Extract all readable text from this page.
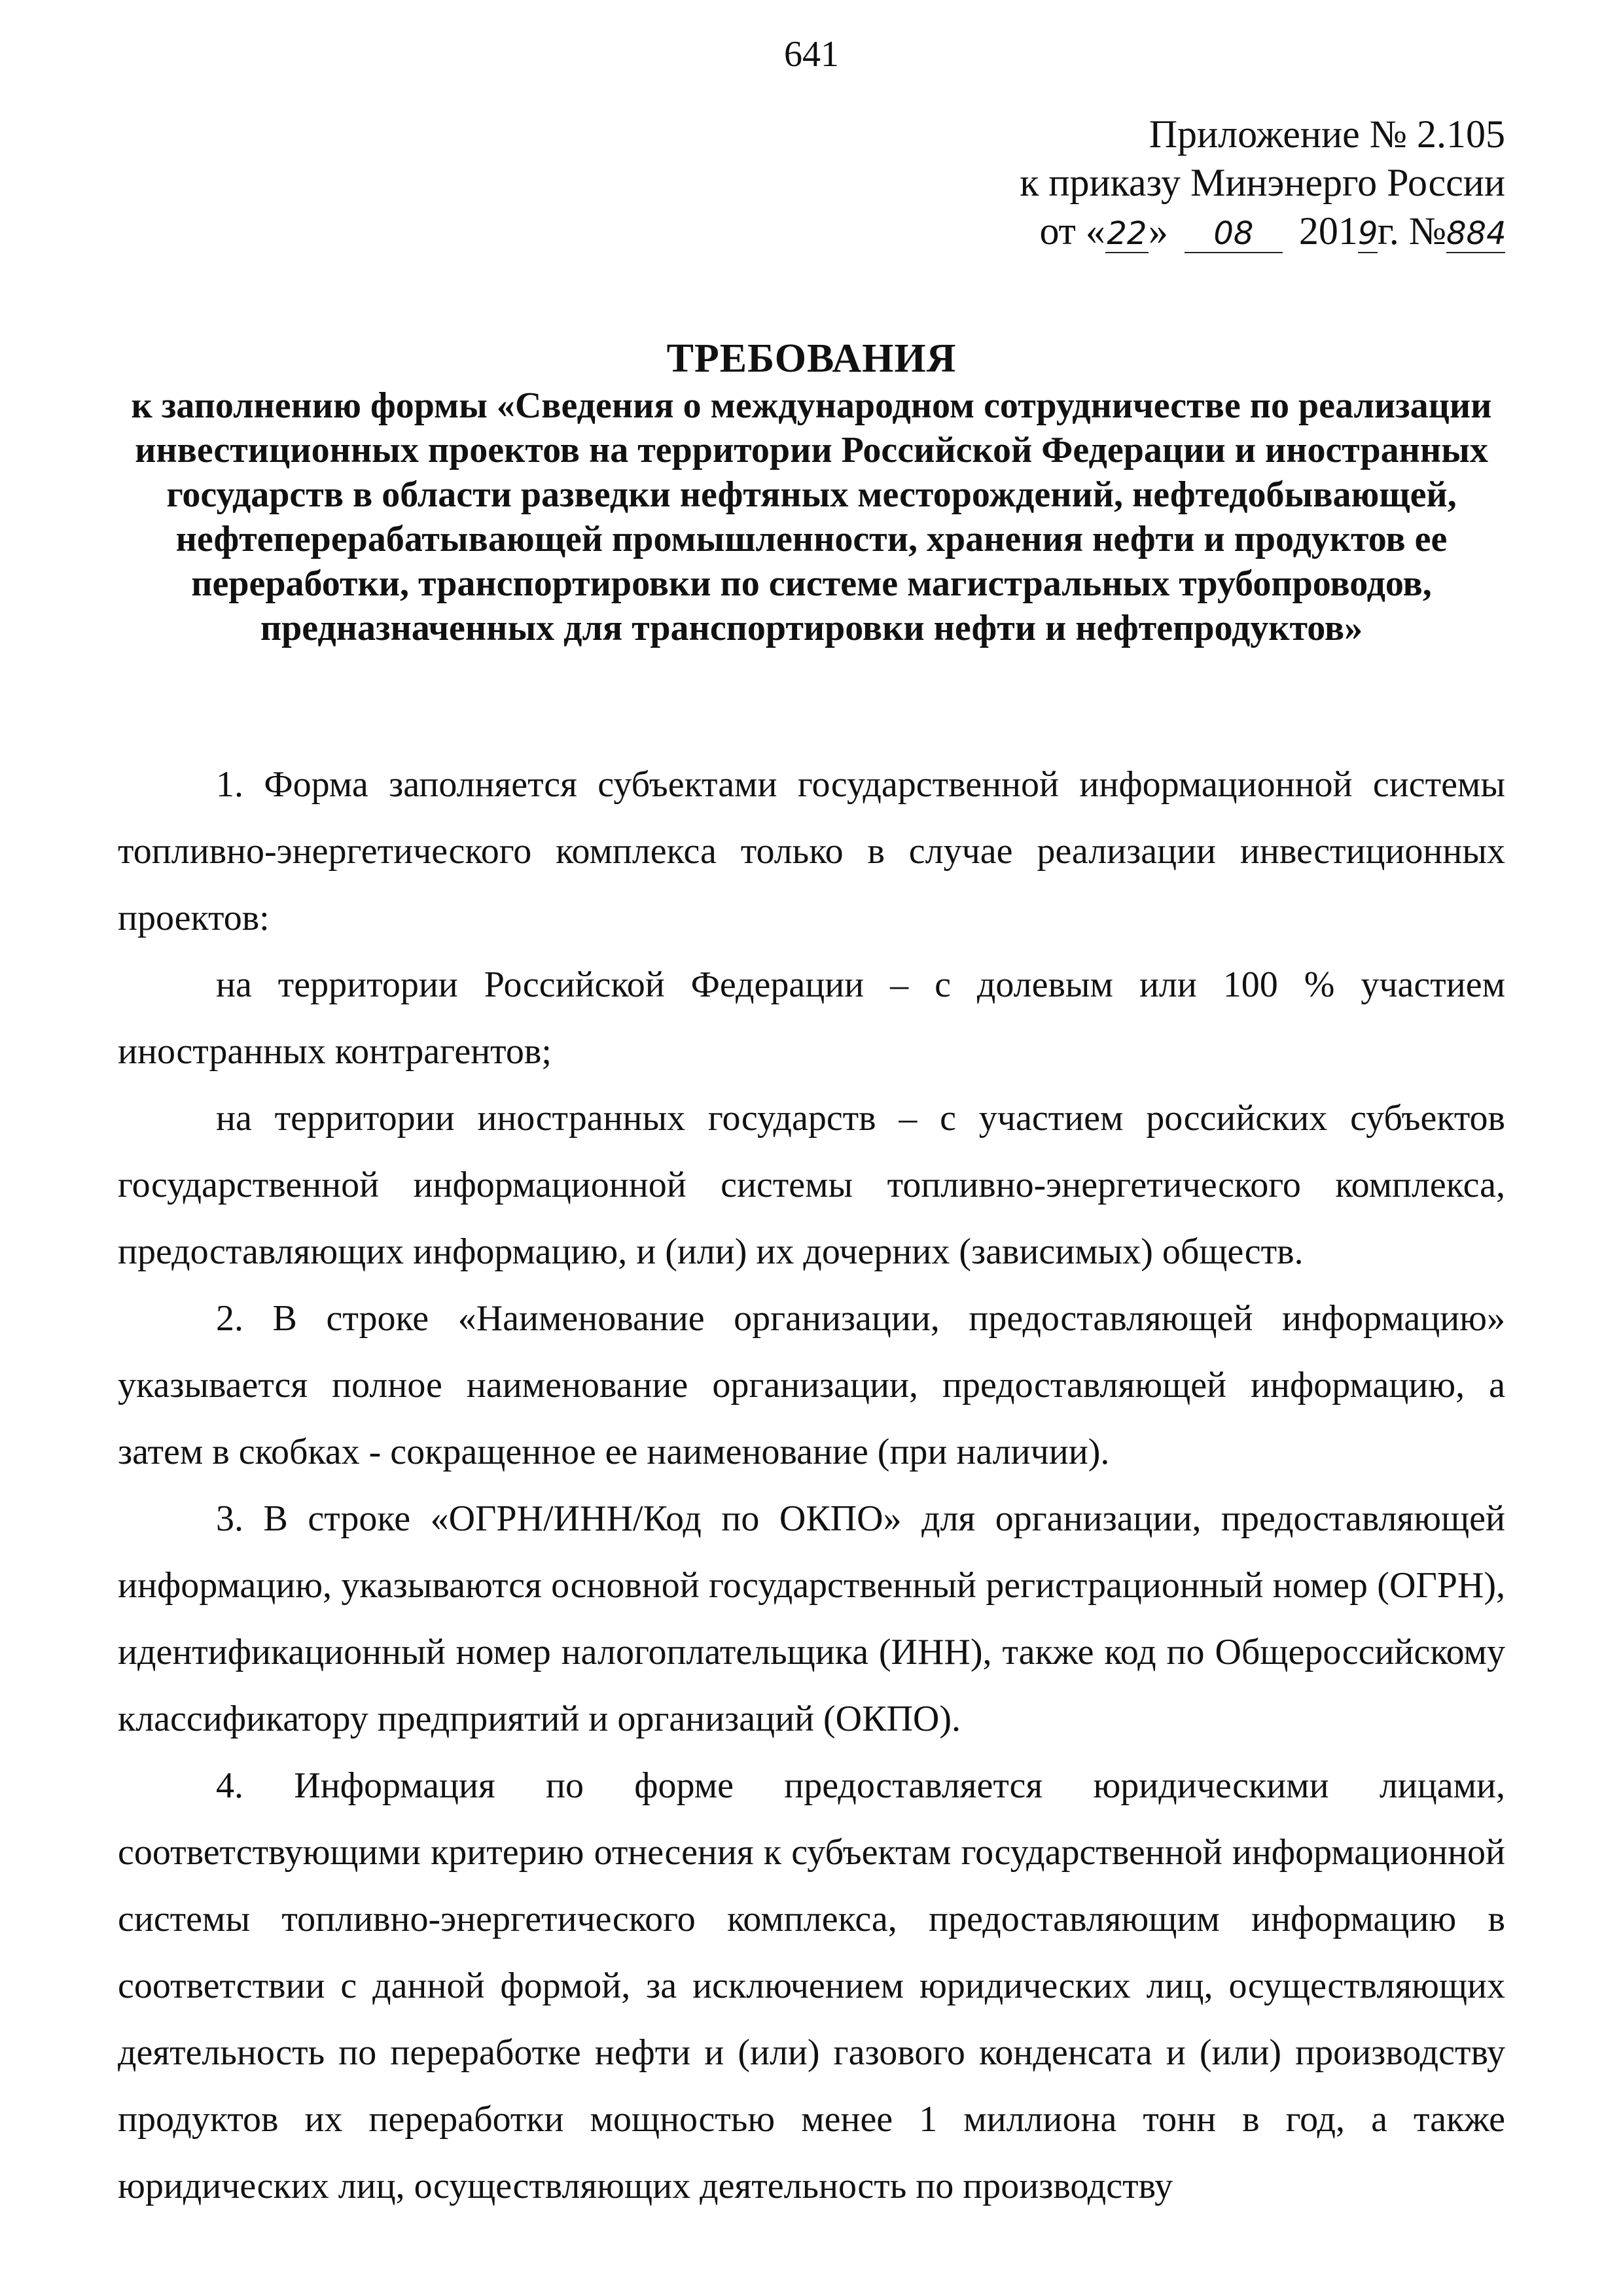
641
Приложение № 2.105
к приказу Минэнерго России
от «22» 08 2019г. №884
ТРЕБОВАНИЯ
к заполнению формы «Сведения о международном сотрудничестве по реализации инвестиционных проектов на территории Российской Федерации и иностранных государств в области разведки нефтяных месторождений, нефтедобывающей, нефтеперерабатывающей промышленности, хранения нефти и продуктов ее переработки, транспортировки по системе магистральных трубопроводов, предназначенных для транспортировки нефти и нефтепродуктов»

1. Форма заполняется субъектами государственной информационной системы топливно-энергетического комплекса только в случае реализации инвестиционных проектов:

на территории Российской Федерации – с долевым или 100 % участием иностранных контрагентов;

на территории иностранных государств – с участием российских субъектов государственной информационной системы топливно-энергетического комплекса, предоставляющих информацию, и (или) их дочерних (зависимых) обществ.

2. В строке «Наименование организации, предоставляющей информацию» указывается полное наименование организации, предоставляющей информацию, а затем в скобках - сокращенное ее наименование (при наличии).

3. В строке «ОГРН/ИНН/Код по ОКПО» для организации, предоставляющей информацию, указываются основной государственный регистрационный номер (ОГРН), идентификационный номер налогоплательщика (ИНН), также код по Общероссийскому классификатору предприятий и организаций (ОКПО).

4. Информация по форме предоставляется юридическими лицами, соответствующими критерию отнесения к субъектам государственной информационной системы топливно-энергетического комплекса, предоставляющим информацию в соответствии с данной формой, за исключением юридических лиц, осуществляющих деятельность по переработке нефти и (или) газового конденсата и (или) производству продуктов их переработки мощностью менее 1 миллиона тонн в год, а также юридических лиц, осуществляющих деятельность по производству
